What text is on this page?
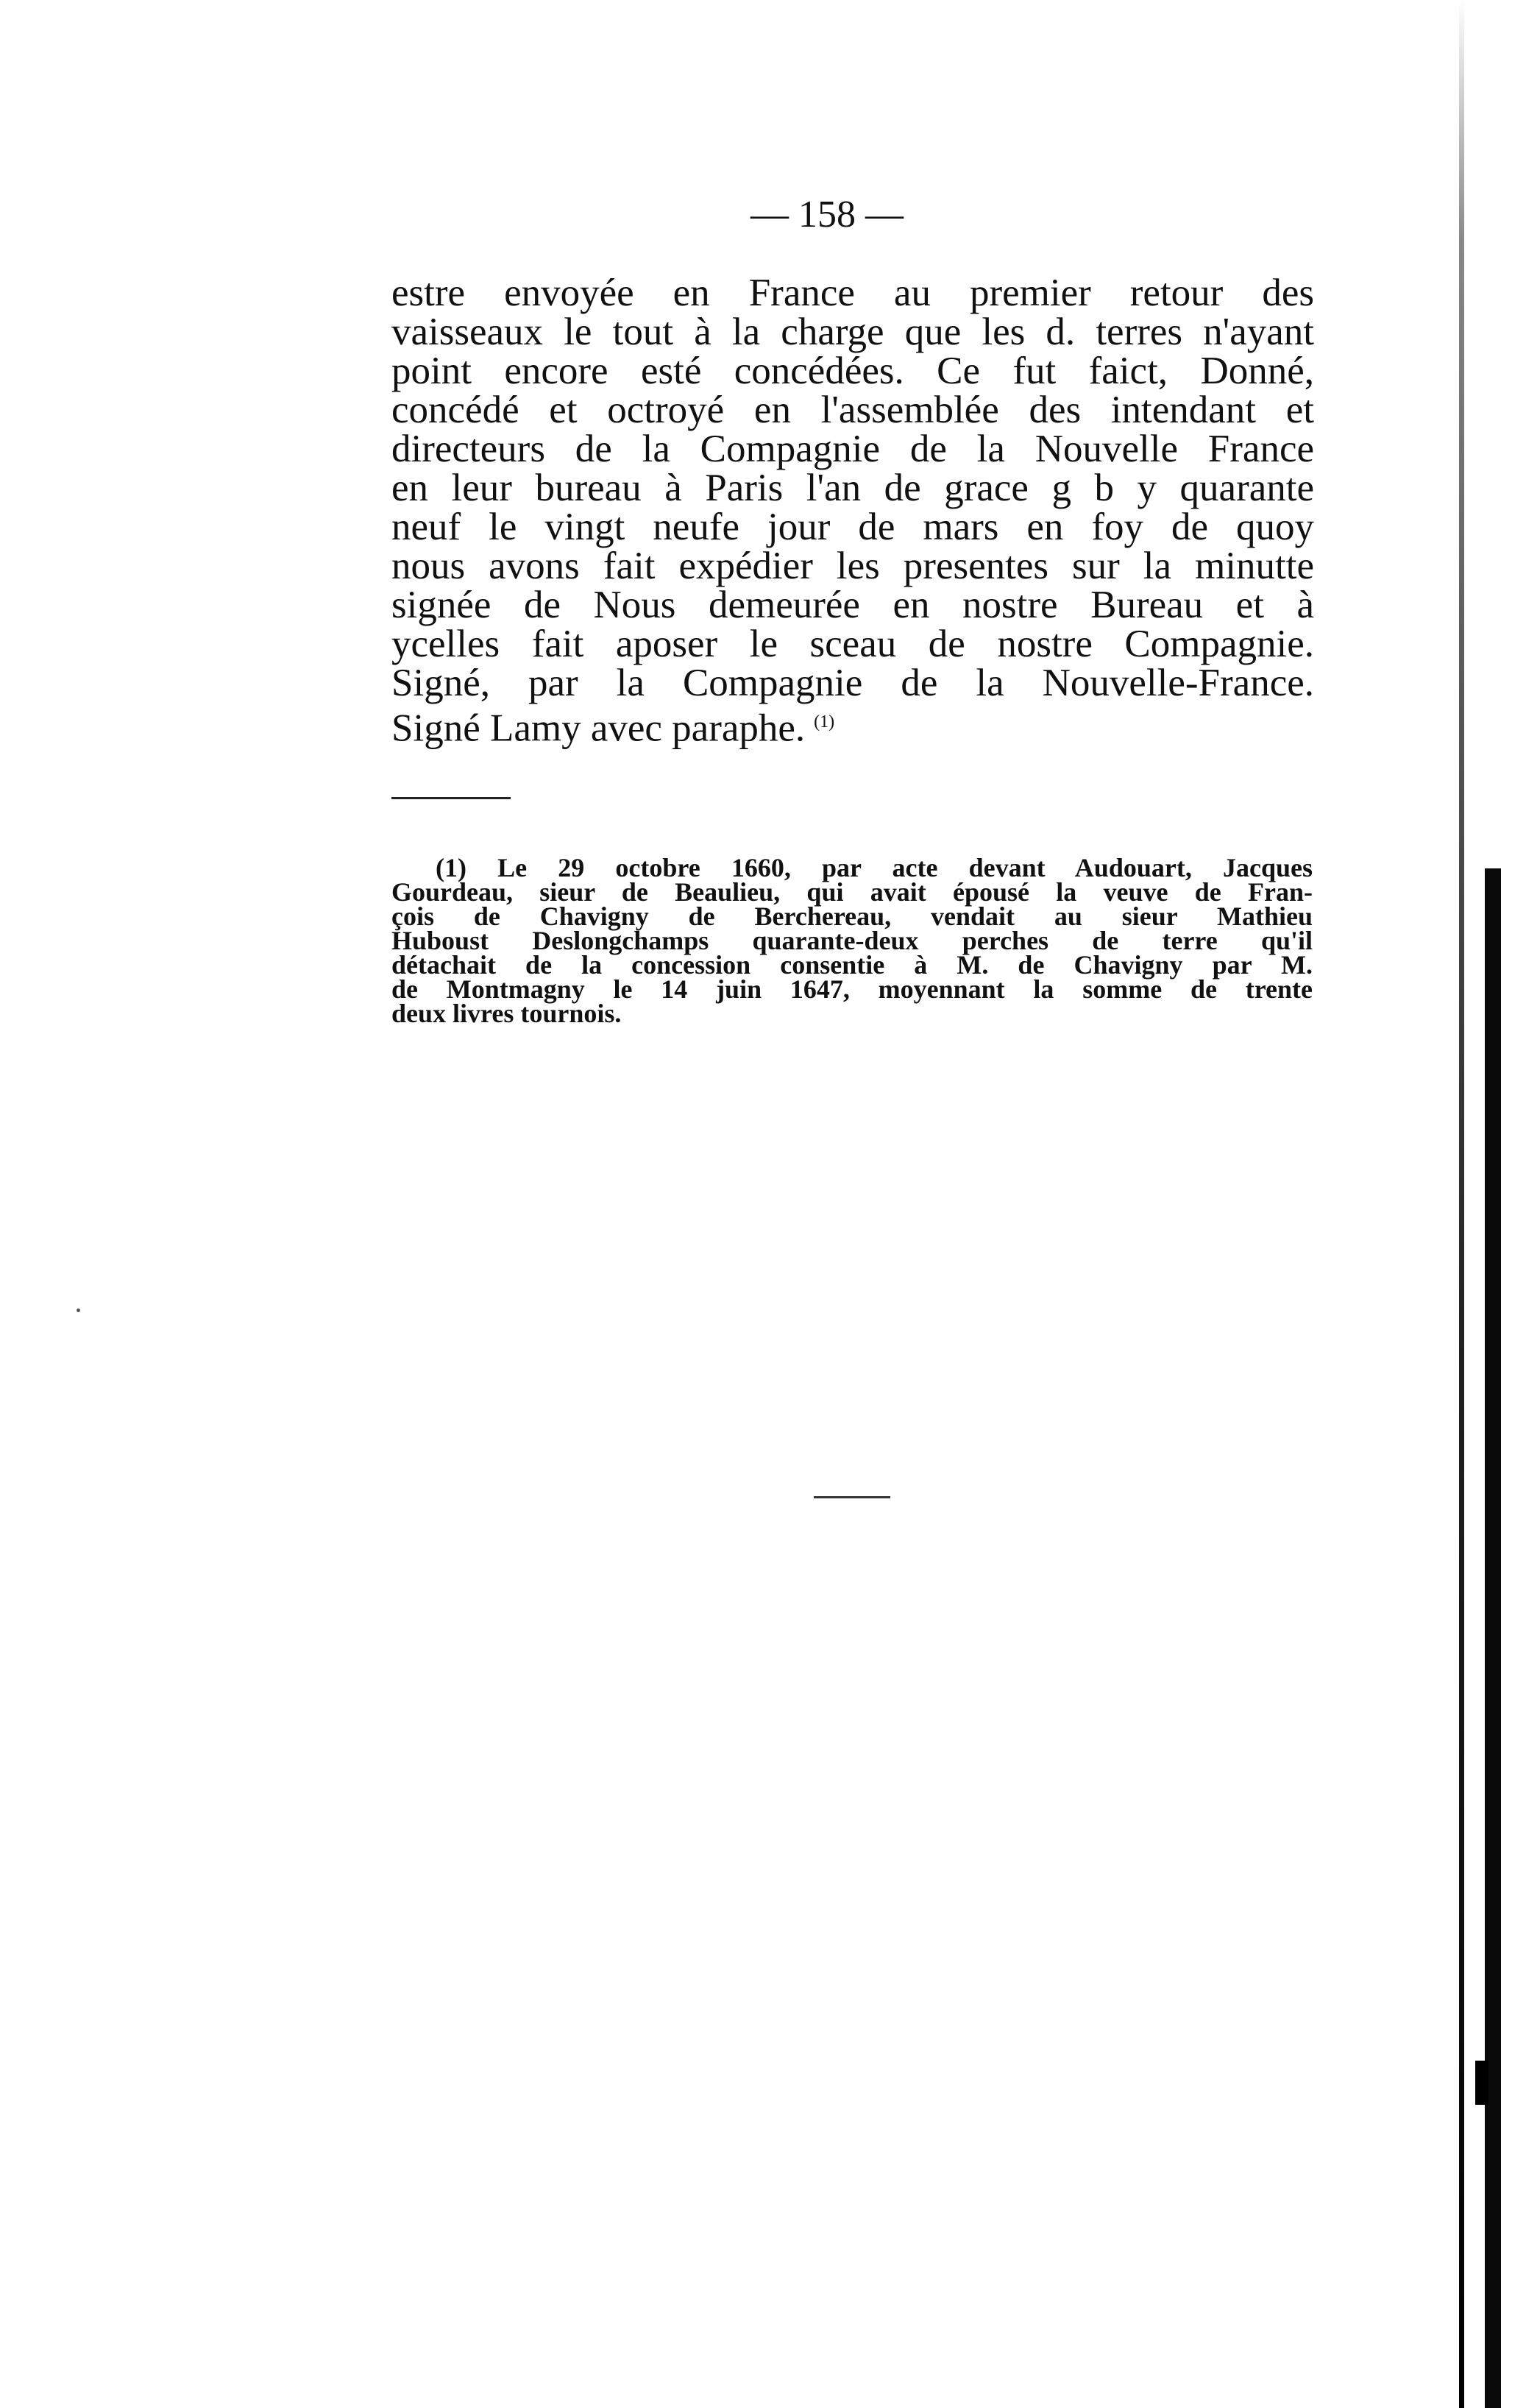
— 158 —
estre envoyée en France au premier retour des
vaisseaux le tout à la charge que les d. terres n'ayant
point encore esté concédées. Ce fut faict, Donné,
concédé et octroyé en l'assemblée des intendant et
directeurs de la Compagnie de la Nouvelle France
en leur bureau à Paris l'an de grace g b y quarante
neuf le vingt neufe jour de mars en foy de quoy
nous avons fait expédier les presentes sur la minutte
signée de Nous demeurée en nostre Bureau et à
ycelles fait aposer le sceau de nostre Compagnie.
Signé, par la Compagnie de la Nouvelle-France.
Signé Lamy avec paraphe. $^{(1)}$
(1) Le 29 octobre 1660, par acte devant Audouart, Jacques
Gourdeau, sieur de Beaulieu, qui avait épousé la veuve de Fran-
çois de Chavigny de Berchereau, vendait au sieur Mathieu
Huboust Deslongchamps quarante-deux perches de terre qu'il
détachait de la concession consentie à M. de Chavigny par M.
de Montmagny le 14 juin 1647, moyennant la somme de trente
deux livres tournois.
